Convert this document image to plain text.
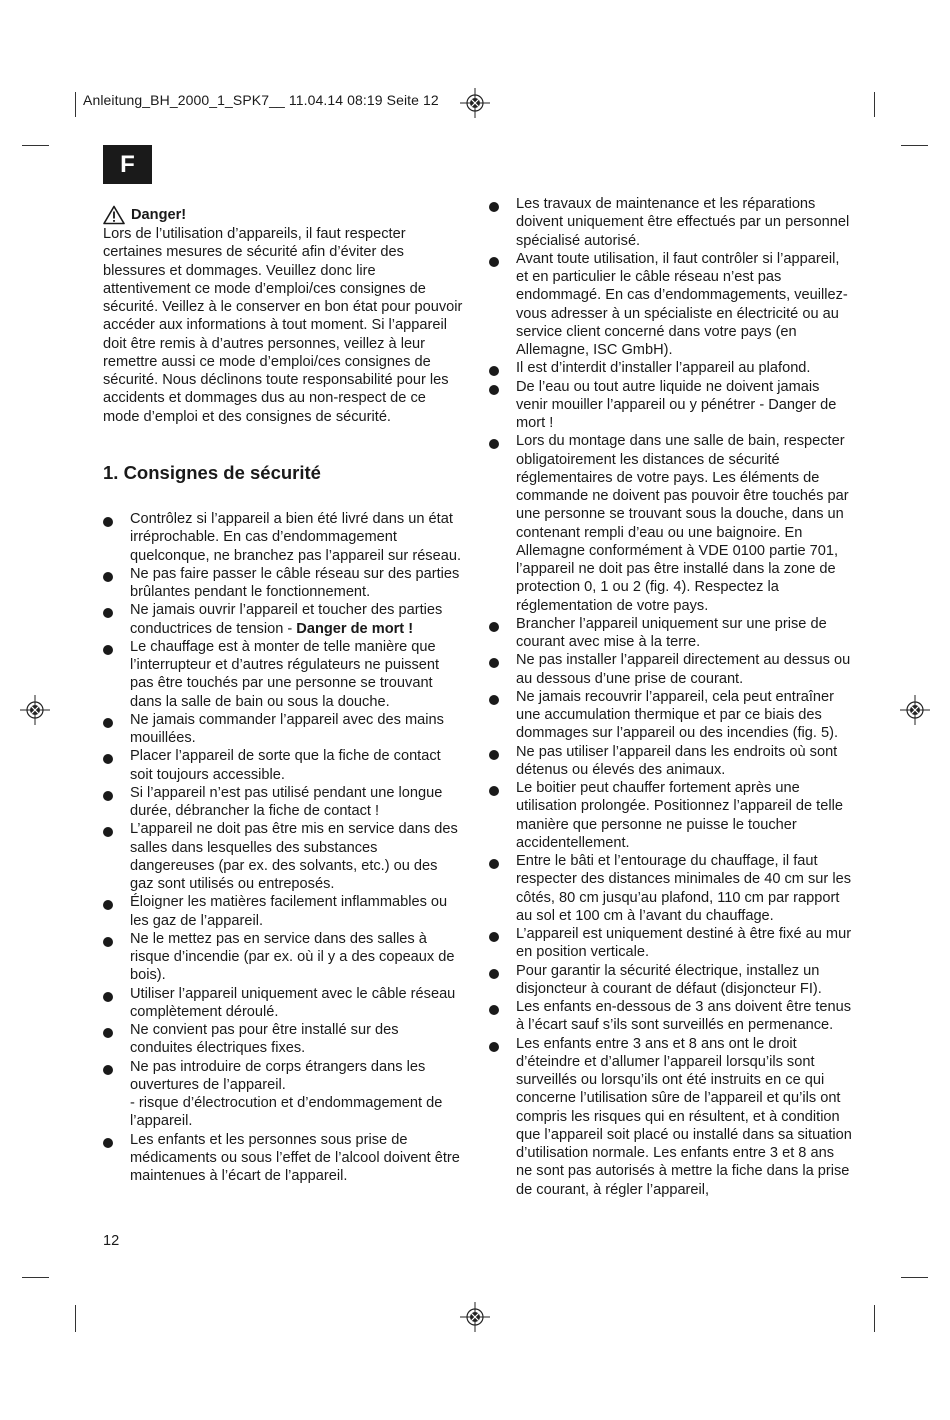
Anleitung_BH_2000_1_SPK7__ 11.04.14 08:19 Seite 12
F
Danger!
Lors de l’utilisation d’appareils, il faut respecter certaines mesures de sécurité afin d’éviter des blessures et dommages. Veuillez donc lire attentivement ce mode d’emploi/ces consignes de sécurité. Veillez à le conserver en bon état pour pouvoir accéder aux informations à tout moment. Si l’appareil doit être remis à d’autres personnes, veillez à leur remettre aussi ce mode d’emploi/ces consignes de sécurité. Nous déclinons toute responsabilité pour les accidents et dommages dus au non-respect de ce mode d’emploi et des consignes de sécurité.
1. Consignes de sécurité
Contrôlez si l’appareil a bien été livré dans un état irréprochable. En cas d’endommagement quelconque, ne branchez pas l’appareil sur réseau.
Ne pas faire passer le câble réseau sur des parties brûlantes pendant le fonctionnement.
Ne jamais ouvrir l’appareil et toucher des parties conductrices de tension - Danger de mort !
Le chauffage est à monter de telle manière que l’interrupteur et d’autres régulateurs ne puissent pas être touchés par une personne se trouvant dans la salle de bain ou sous la douche.
Ne jamais commander l’appareil avec des mains mouillées.
Placer l’appareil de sorte que la fiche de contact soit toujours accessible.
Si l’appareil n’est pas utilisé pendant une longue durée, débrancher la fiche de contact !
L’appareil ne doit pas être mis en service dans des salles dans lesquelles des substances dangereuses (par ex. des solvants, etc.) ou des gaz sont utilisés ou entreposés.
Éloigner les matières facilement inflammables ou les gaz de l’appareil.
Ne le mettez pas en service dans des salles à risque d’incendie (par ex. où il y a des copeaux de bois).
Utiliser l’appareil uniquement avec le câble réseau complètement déroulé.
Ne convient pas pour être installé sur des conduites électriques fixes.
Ne pas introduire de corps étrangers dans les ouvertures de l’appareil.
- risque d’électrocution et d’endommagement de l’appareil.
Les enfants et les personnes sous prise de médicaments ou sous l’effet de l’alcool doivent être maintenues à l’écart de l’appareil.
Les travaux de maintenance et les réparations doivent uniquement être effectués par un personnel spécialisé autorisé.
Avant toute utilisation, il faut contrôler si l’appareil, et en particulier le câble réseau n’est pas endommagé. En cas d’endommagements, veuillez-vous adresser à un spécialiste en électricité ou au service client concerné dans votre pays (en Allemagne, ISC GmbH).
Il est d’interdit d’installer l’appareil au plafond.
De l’eau ou tout autre liquide ne doivent jamais venir mouiller l’appareil ou y pénétrer - Danger de mort !
Lors du montage dans une salle de bain, respecter obligatoirement les distances de sécurité réglementaires de votre pays. Les éléments de commande ne doivent pas pouvoir être touchés par une personne se trouvant sous la douche, dans un contenant rempli d’eau ou une baignoire. En Allemagne conformément à VDE 0100 partie 701, l’appareil ne doit pas être installé dans la zone de protection 0, 1 ou 2 (fig. 4). Respectez la réglementation de votre pays.
Brancher l’appareil uniquement sur une prise de courant avec mise à la terre.
Ne pas installer l’appareil directement au dessus ou au dessous d’une prise de courant.
Ne jamais recouvrir l’appareil, cela peut entraîner une accumulation thermique et par ce biais des dommages sur l’appareil ou des incendies (fig. 5).
Ne pas utiliser l’appareil dans les endroits où sont détenus ou élevés des animaux.
Le boitier peut chauffer fortement après une utilisation prolongée. Positionnez l’appareil de telle manière que personne ne puisse le toucher accidentellement.
Entre le bâti et l’entourage du chauffage, il faut respecter des distances minimales de 40 cm sur les côtés, 80 cm jusqu’au plafond, 110 cm par rapport au sol et 100 cm à l’avant du chauffage.
L’appareil est uniquement destiné à être fixé au mur en position verticale.
Pour garantir la sécurité électrique, installez un disjoncteur à courant de défaut (disjoncteur FI).
Les enfants en-dessous de 3 ans doivent être tenus à l’écart sauf s’ils sont surveillés en permenance.
Les enfants entre 3 ans et 8 ans ont le droit d’éteindre et d’allumer l’appareil lorsqu’ils sont surveillés ou lorsqu’ils ont été instruits en ce qui concerne l’utilisation sûre de l’appareil et qu’ils ont compris les risques qui en résultent, et à condition que l’appareil soit placé ou installé dans sa situation d’utilisation normale. Les enfants entre 3 et 8 ans ne sont pas autorisés à mettre la fiche dans la prise de courant, à régler l’appareil,
12
